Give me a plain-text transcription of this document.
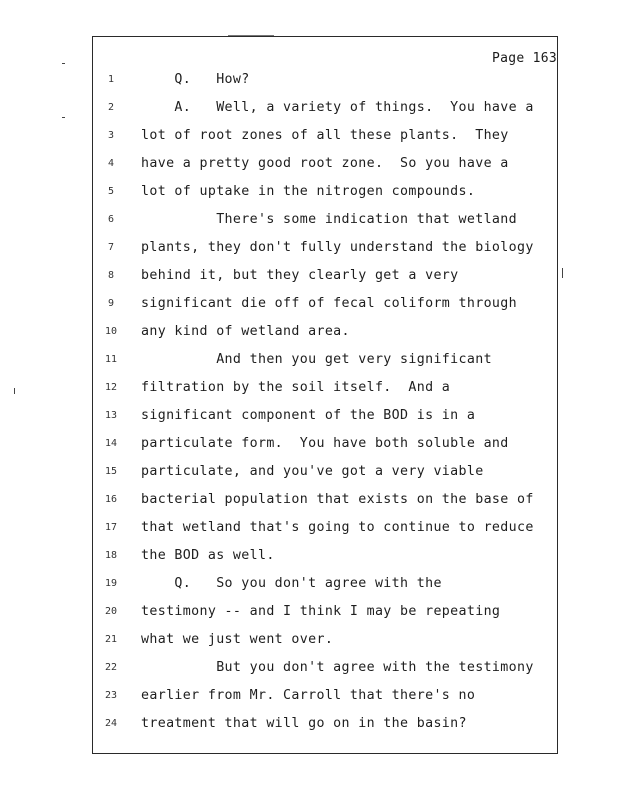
Page 163
1	Q.   How?
2	A.   Well, a variety of things.  You have a
3	lot of root zones of all these plants.  They
4	have a pretty good root zone.  So you have a
5	lot of uptake in the nitrogen compounds.
6	There's some indication that wetland
7	plants, they don't fully understand the biology
8	behind it, but they clearly get a very
9	significant die off of fecal coliform through
10	any kind of wetland area.
11	And then you get very significant
12	filtration by the soil itself.  And a
13	significant component of the BOD is in a
14	particulate form.  You have both soluble and
15	particulate, and you've got a very viable
16	bacterial population that exists on the base of
17	that wetland that's going to continue to reduce
18	the BOD as well.
19	Q.   So you don't agree with the
20	testimony -- and I think I may be repeating
21	what we just went over.
22	But you don't agree with the testimony
23	earlier from Mr. Carroll that there's no
24	treatment that will go on in the basin?
